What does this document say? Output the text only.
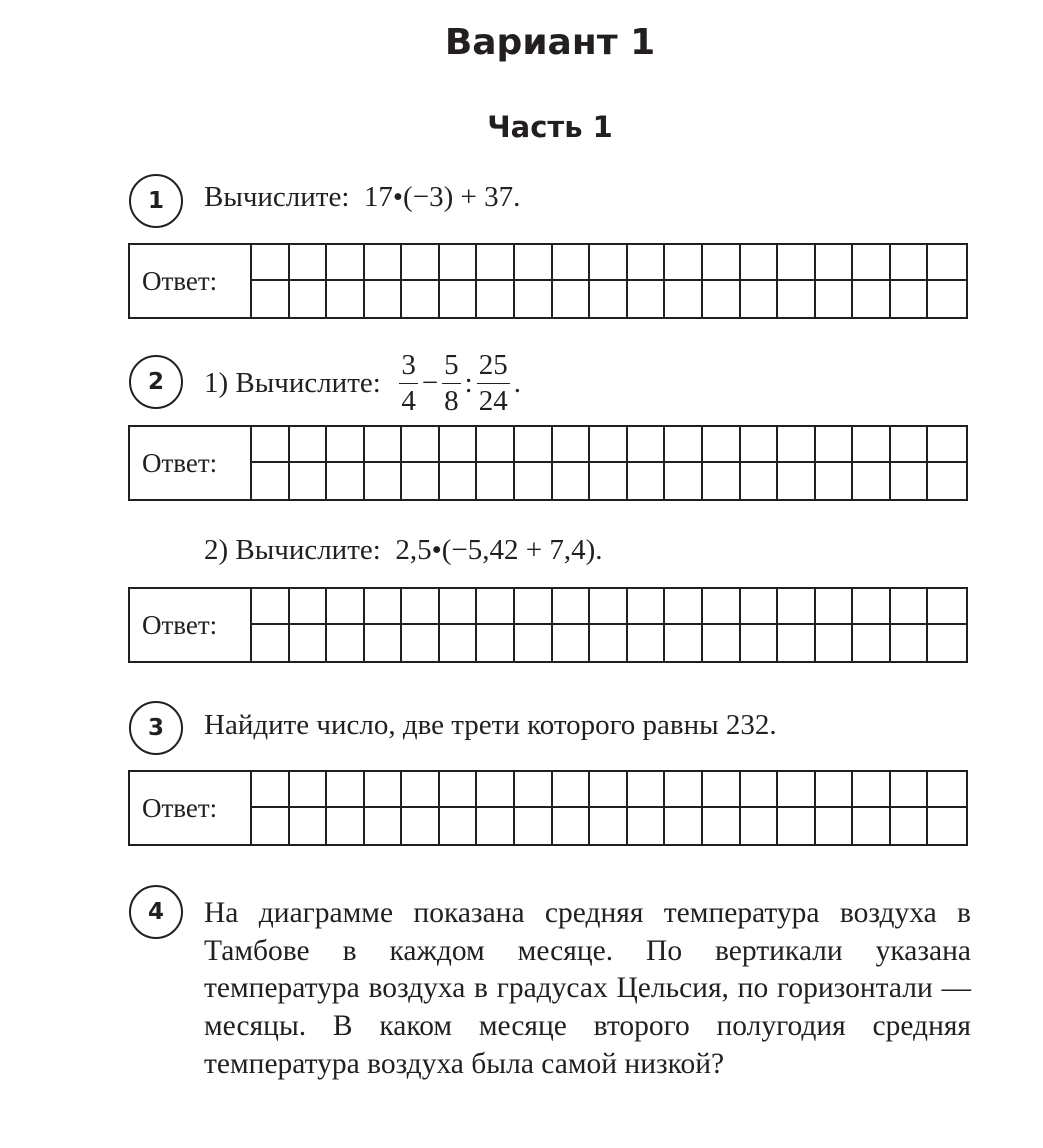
Вариант 1
Часть 1
1 Вычислите: 17•(−3) + 37.
Ответ:
2 1) Вычислите:
$\frac{3}{4} - \frac{5}{8}$ : $\frac{25}{24}$ .
Ответ:
2) Вычислите: 2,5•(−5,42 + 7,4).
Ответ:
3 Найдите число, две трети которого равны 232.
Ответ:
4 На диаграмме показана средняя температура воздуха в Тамбове в каждом месяце. По вертикали указана температура воздуха в градусах Цельсия, по горизонтали — месяцы. В каком месяце второго полугодия средняя температура воздуха была самой низкой?
